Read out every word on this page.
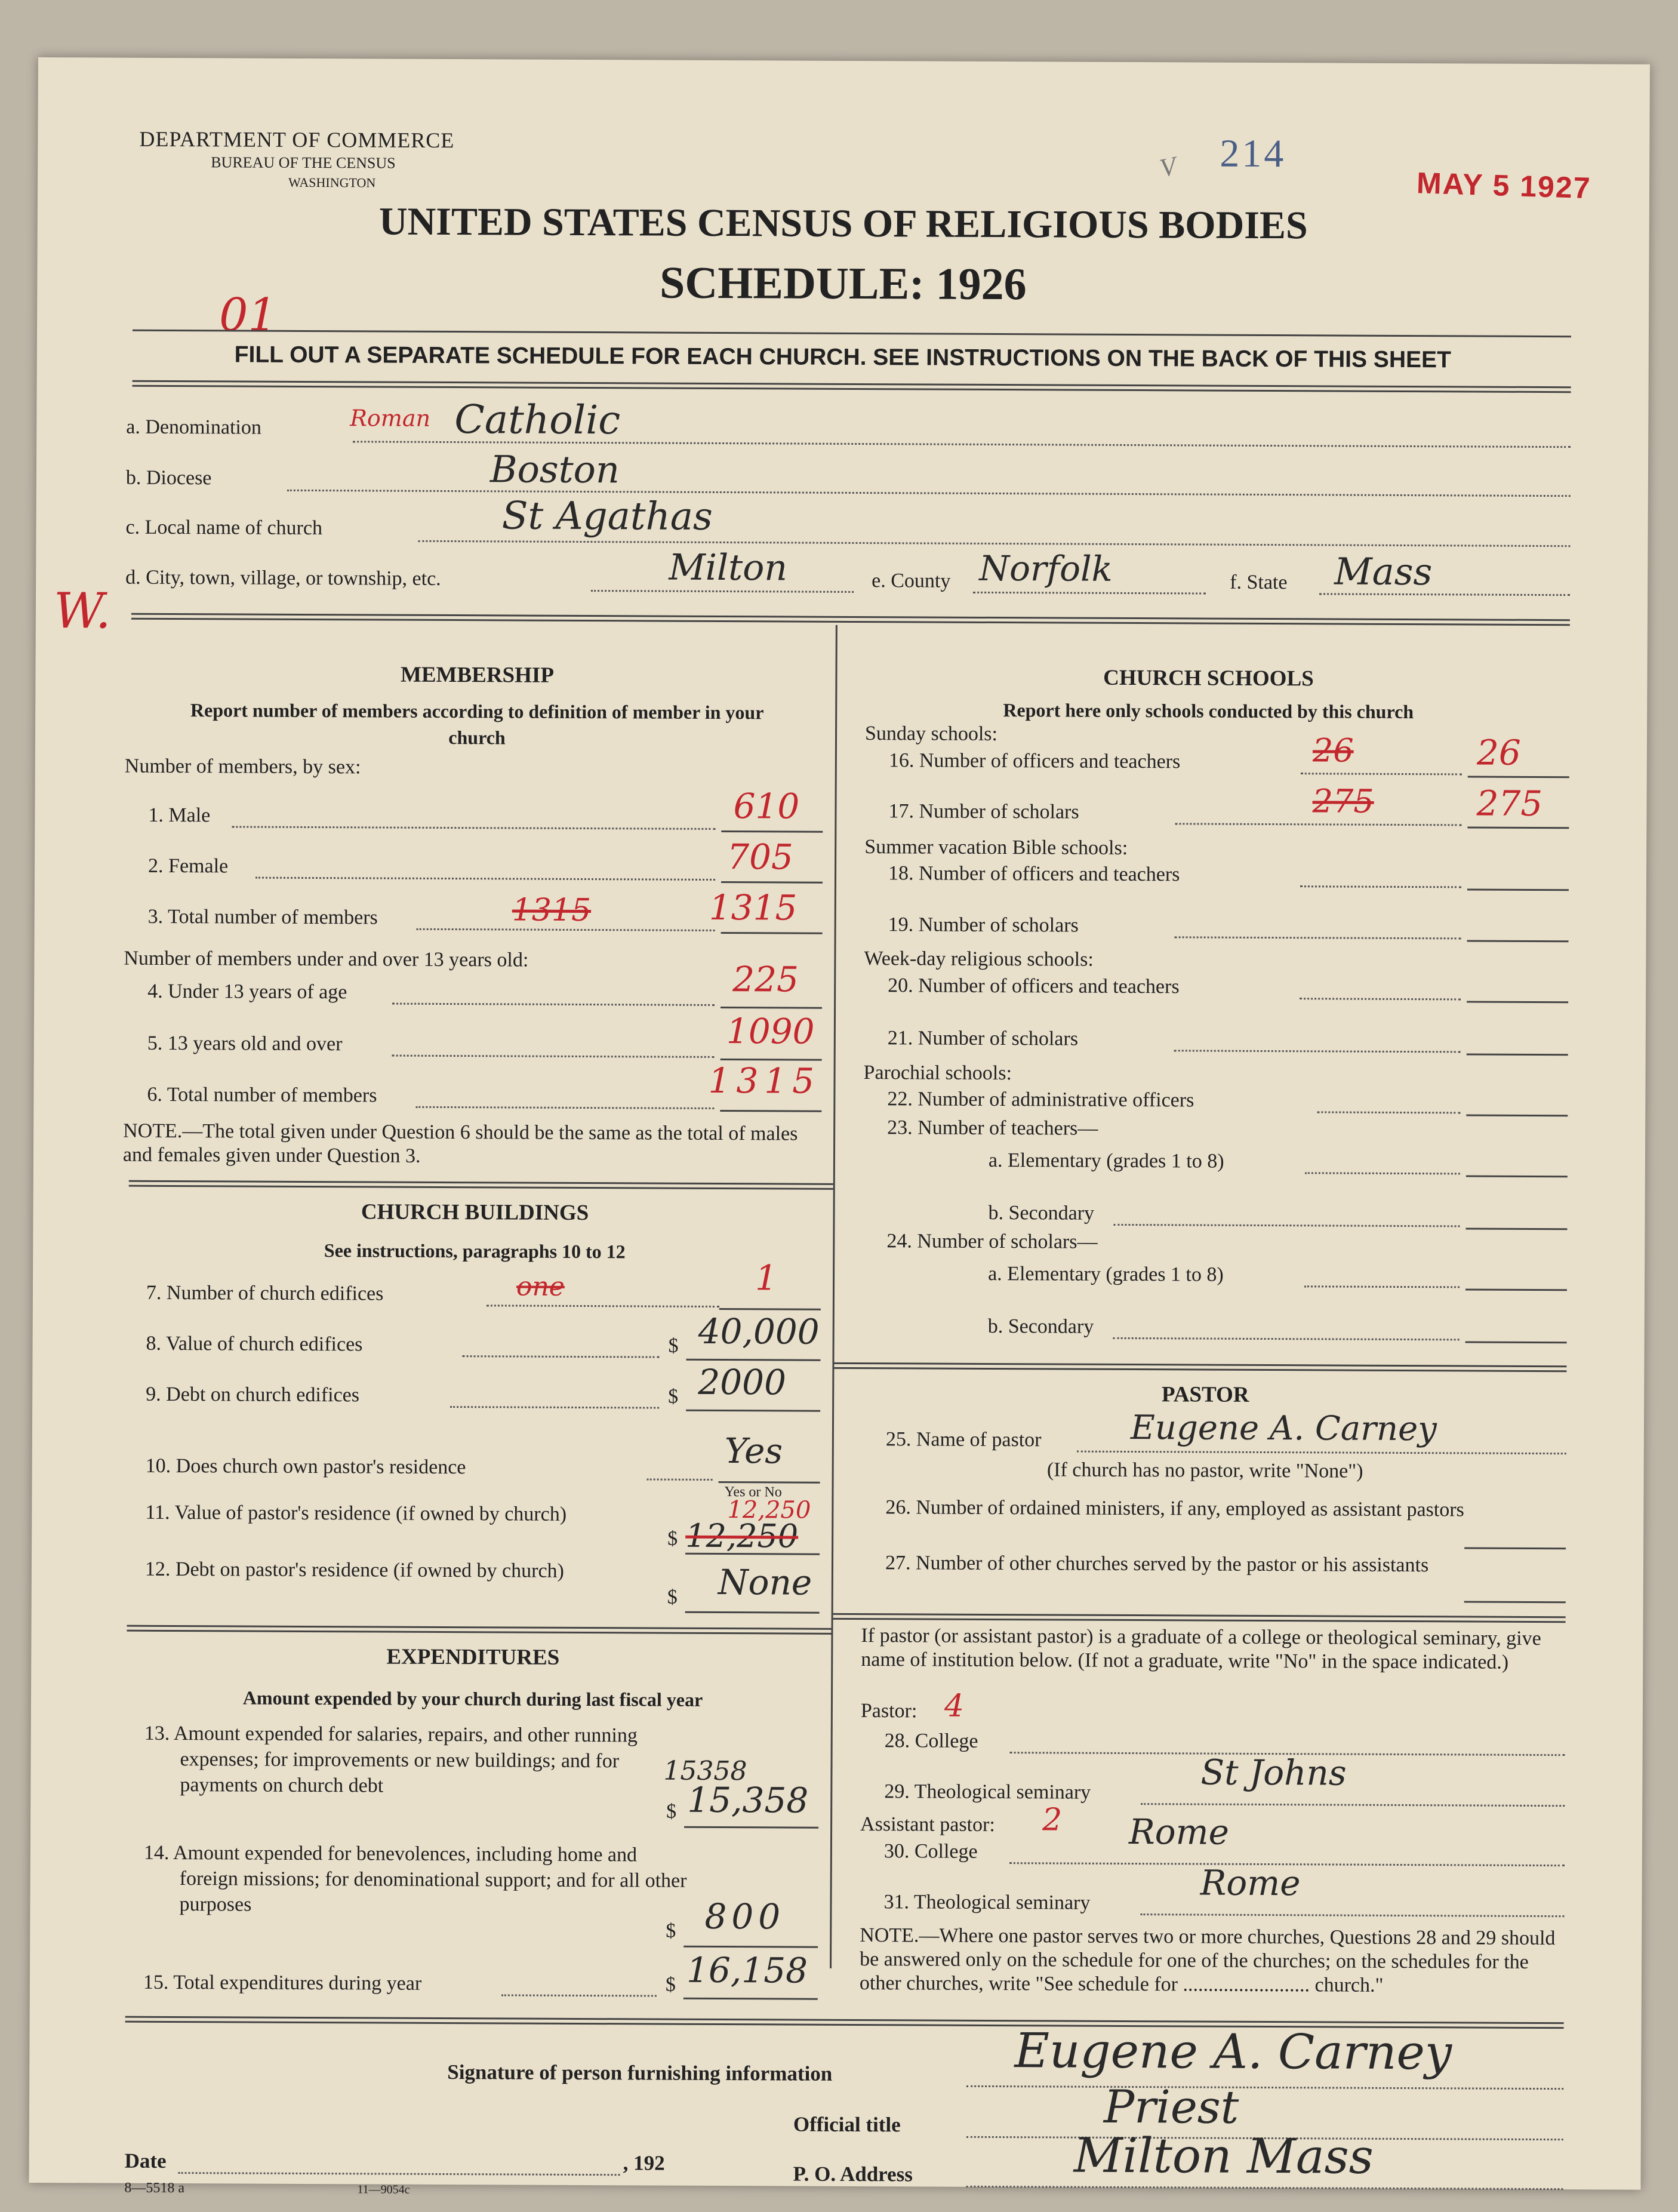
DEPARTMENT OF COMMERCE
BUREAU OF THE CENSUS
WASHINGTON
UNITED STATES CENSUS OF RELIGIOUS BODIES
SCHEDULE: 1926
214
V	MAY 5 1927
01
W.
FILL OUT A SEPARATE SCHEDULE FOR EACH CHURCH. SEE INSTRUCTIONS ON THE BACK OF THIS SHEET
a. Denomination	Roman Catholic
b. Diocese	Boston
c. Local name of church	St Agathas
d. City, town, village, or township, etc.	Milton	e. County Norfolk	f. State Mass
MEMBERSHIP
Report number of members according to definition of member in your church
Number of members, by sex:
1. Male	610
2. Female	705
3. Total number of members	1315	1315
Number of members under and over 13 years old:
4. Under 13 years of age	225
5. 13 years old and over	1090
6. Total number of members	1315
NOTE.—The total given under Question 6 should be the same as the total of males and females given under Question 3.
CHURCH BUILDINGS
See instructions, paragraphs 10 to 12
7. Number of church edifices	one	1
8. Value of church edifices	$ 40,000
9. Debt on church edifices	$ 2000
10. Does church own pastor's residence	Yes
Yes or No
11. Value of pastor's residence (if owned by church)
$
12,250
12,250
12. Debt on pastor's residence (if owned by church)
$ None
EXPENDITURES
Amount expended by your church during last fiscal year
13. Amount expended for salaries, repairs, and other running expenses; for improvements or new buildings; and for payments on church debt
$
15358
15,358
14. Amount expended for benevolences, including home and foreign missions; for denominational support; and for all other purposes
$ 800
15. Total expenditures during year	$ 16,158
CHURCH SCHOOLS
Report here only schools conducted by this church
Sunday schools:
16. Number of officers and teachers	26	26
17. Number of scholars	275	275
Summer vacation Bible schools:
18. Number of officers and teachers
19. Number of scholars
Week-day religious schools:
20. Number of officers and teachers
21. Number of scholars
Parochial schools:
22. Number of administrative officers
23. Number of teachers—
a. Elementary (grades 1 to 8)
b. Secondary
24. Number of scholars—
a. Elementary (grades 1 to 8)
b. Secondary
PASTOR
25. Name of pastor	Eugene A. Carney
(If church has no pastor, write "None")
26. Number of ordained ministers, if any, employed as assistant pastors
27. Number of other churches served by the pastor or his assistants
If pastor (or assistant pastor) is a graduate of a college or theological seminary, give name of institution below. (If not a graduate, write "No" in the space indicated.)
Pastor: 4
28. College
29. Theological seminary	St Johns
Assistant pastor: 2
30. College	Rome
31. Theological seminary	Rome
NOTE.—Where one pastor serves two or more churches, Questions 28 and 29 should be answered only on the schedule for one of the churches; on the schedules for the other churches, write "See schedule for ......................... church."
Signature of person furnishing information	Eugene A. Carney
Official title	Priest
Date	, 192	P. O. Address	Milton Mass
8—5518 a	11—9054c
